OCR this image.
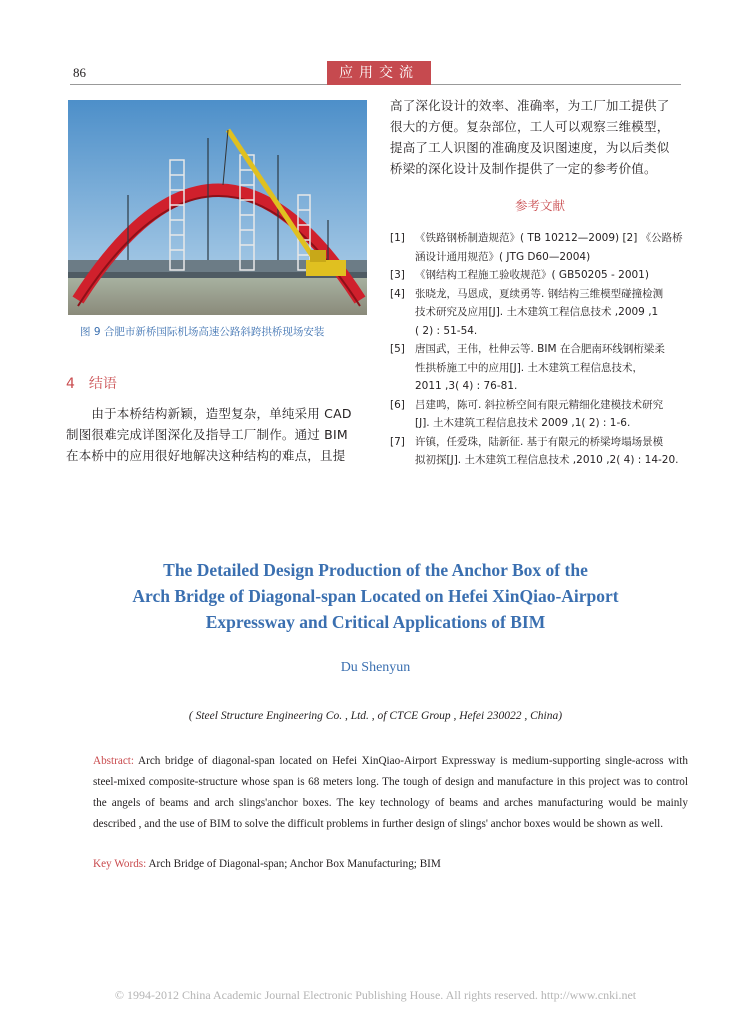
86	应用交流
图 9 合肥市新桥国际机场高速公路斜跨拱桥现场安装
4 结语
　　由于本桥结构新颖，造型复杂，单纯采用 CAD
制图很难完成详图深化及指导工厂制作。通过 BIM
在本桥中的应用很好地解决这种结构的难点，且提
高了深化设计的效率、准确率，为工厂加工提供了
很大的方便。复杂部位，工人可以观察三维模型，
提高了工人识图的准确度及识图速度，为以后类似
桥梁的深化设计及制作提供了一定的参考价值。
参考文献
[1] 《铁路钢桥制造规范》( TB 10212—2009) [2] 《公路桥
涵设计通用规范》( JTG D60—2004)
[3] 《钢结构工程施工验收规范》( GB50205 - 2001)
[4] 张晓龙，马恩成，夏续勇等. 钢结构三维模型碰撞检测
技术研究及应用[J]. 土木建筑工程信息技术 ,2009 ,1
( 2) : 51-54.
[5] 唐国武，王伟，杜伸云等. BIM 在合肥南环线钢桁梁柔
性拱桥施工中的应用[J]. 土木建筑工程信息技术，
2011 ,3( 4) : 76-81.
[6] 吕建鸣，陈可. 斜拉桥空间有限元精细化建模技术研究
[J]. 土木建筑工程信息技术 2009 ,1( 2) : 1-6.
[7] 许镇，任爱珠，陆新征. 基于有限元的桥梁垮塌场景模
拟初探[J]. 土木建筑工程信息技术 ,2010 ,2( 4) : 14-20.
The Detailed Design Production of the Anchor Box of the
Arch Bridge of Diagonal-span Located on Hefei XinQiao-Airport
Expressway and Critical Applications of BIM
Du Shenyun
( Steel Structure Engineering Co. , Ltd. , of CTCE Group , Hefei 230022 , China)
Abstract: Arch bridge of diagonal-span located on Hefei XinQiao-Airport Expressway is medium-supporting single-across with steel-mixed composite-structure whose span is 68 meters long. The tough of design and manufacture in this project was to control the angels of beams and arch slings'anchor boxes. The key technology of beams and arches manufacturing would be mainly described , and the use of BIM to solve the difficult problems in further design of slings' anchor boxes would be shown as well.
Key Words: Arch Bridge of Diagonal-span; Anchor Box Manufacturing; BIM
© 1994-2012 China Academic Journal Electronic Publishing House. All rights reserved. http://www.cnki.net
